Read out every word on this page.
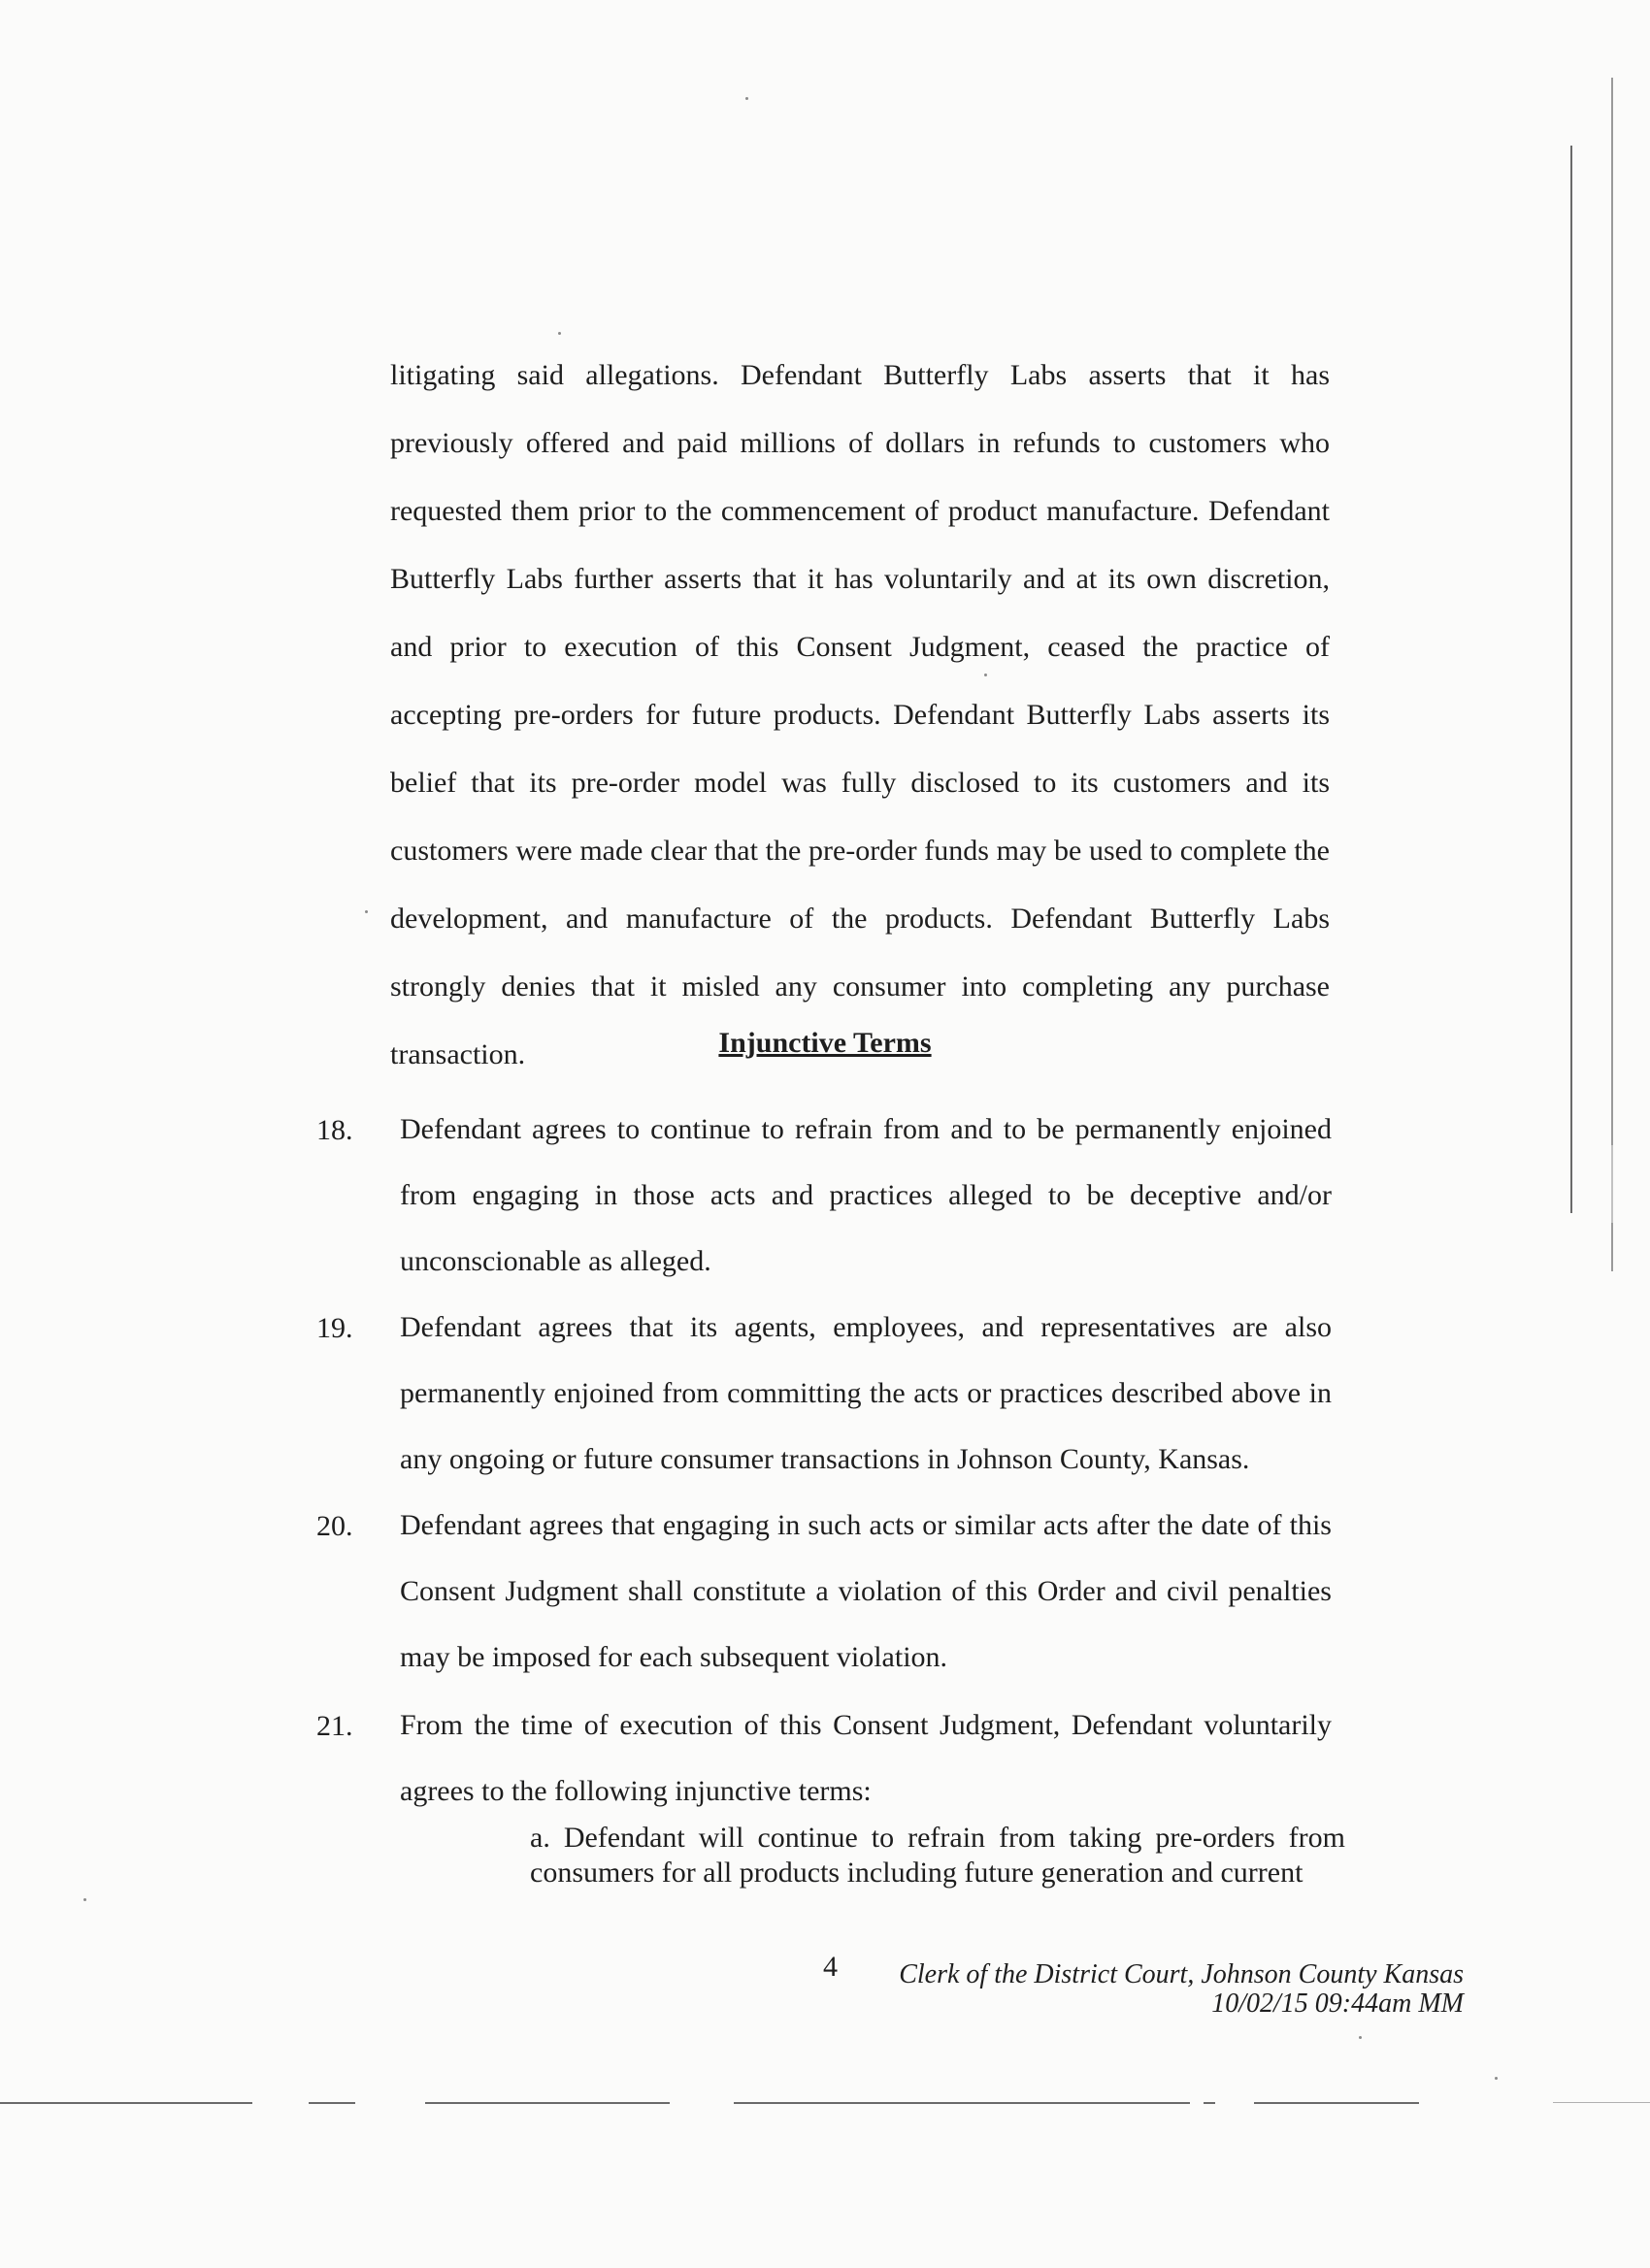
litigating said allegations. Defendant Butterfly Labs asserts that it has previously offered and paid millions of dollars in refunds to customers who requested them prior to the commencement of product manufacture. Defendant Butterfly Labs further asserts that it has voluntarily and at its own discretion, and prior to execution of this Consent Judgment, ceased the practice of accepting pre-orders for future products. Defendant Butterfly Labs asserts its belief that its pre-order model was fully disclosed to its customers and its customers were made clear that the pre-order funds may be used to complete the development, and manufacture of the products. Defendant Butterfly Labs strongly denies that it misled any consumer into completing any purchase transaction.	Injunctive Terms
18. Defendant agrees to continue to refrain from and to be permanently enjoined from engaging in those acts and practices alleged to be deceptive and/or unconscionable as alleged.

19. Defendant agrees that its agents, employees, and representatives are also permanently enjoined from committing the acts or practices described above in any ongoing or future consumer transactions in Johnson County, Kansas.

20. Defendant agrees that engaging in such acts or similar acts after the date of this Consent Judgment shall constitute a violation of this Order and civil penalties may be imposed for each subsequent violation.

21. From the time of execution of this Consent Judgment, Defendant voluntarily agrees to the following injunctive terms:

a. Defendant will continue to refrain from taking pre-orders from consumers for all products including future generation and current

4 Clerk of the District Court, Johnson County Kansas
10/02/15 09:44am MM
